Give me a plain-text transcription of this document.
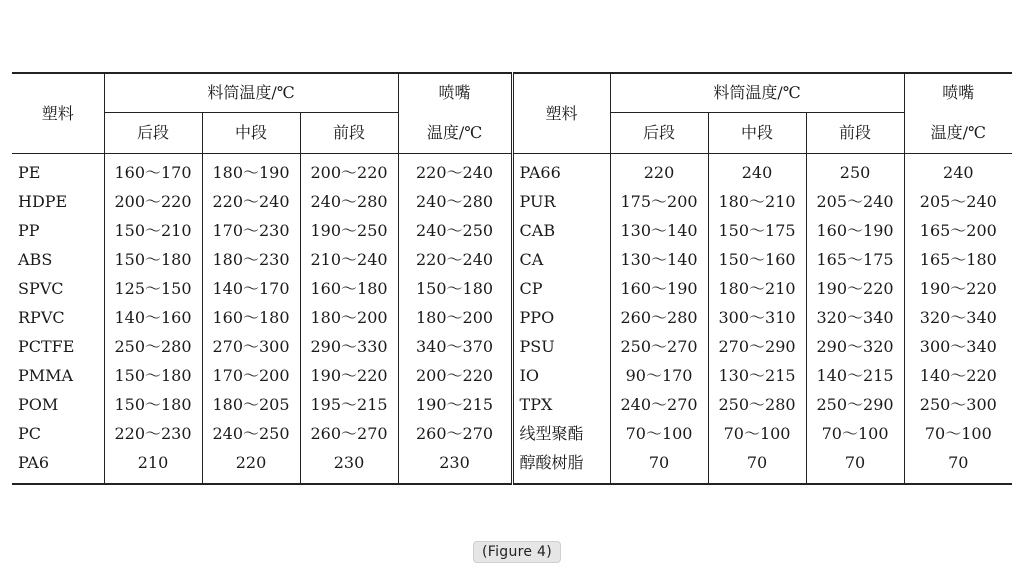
塑料	料筒温度/℃			喷嘴	塑料	料筒温度/℃			喷嘴
	后段	中段	前段	温度/℃		后段	中段	前段	温度/℃
PE	160～170	180～190	200～220	220～240	PA66	220	240	250	240
HDPE	200～220	220～240	240～280	240～280	PUR	175～200	180～210	205～240	205～240
PP	150～210	170～230	190～250	240～250	CAB	130～140	150～175	160～190	165～200
ABS	150～180	180～230	210～240	220～240	CA	130～140	150～160	165～175	165～180
SPVC	125～150	140～170	160～180	150～180	CP	160～190	180～210	190～220	190～220
RPVC	140～160	160～180	180～200	180～200	PPO	260～280	300～310	320～340	320～340
PCTFE	250～280	270～300	290～330	340～370	PSU	250～270	270～290	290～320	300～340
PMMA	150～180	170～200	190～220	200～220	IO	90～170	130～215	140～215	140～220
POM	150～180	180～205	195～215	190～215	TPX	240～270	250～280	250～290	250～300
PC	220～230	240～250	260～270	260～270	线型聚酯	70～100	70～100	70～100	70～100
PA6	210	220	230	230	醇酸树脂	70	70	70	70
(Figure 4)
